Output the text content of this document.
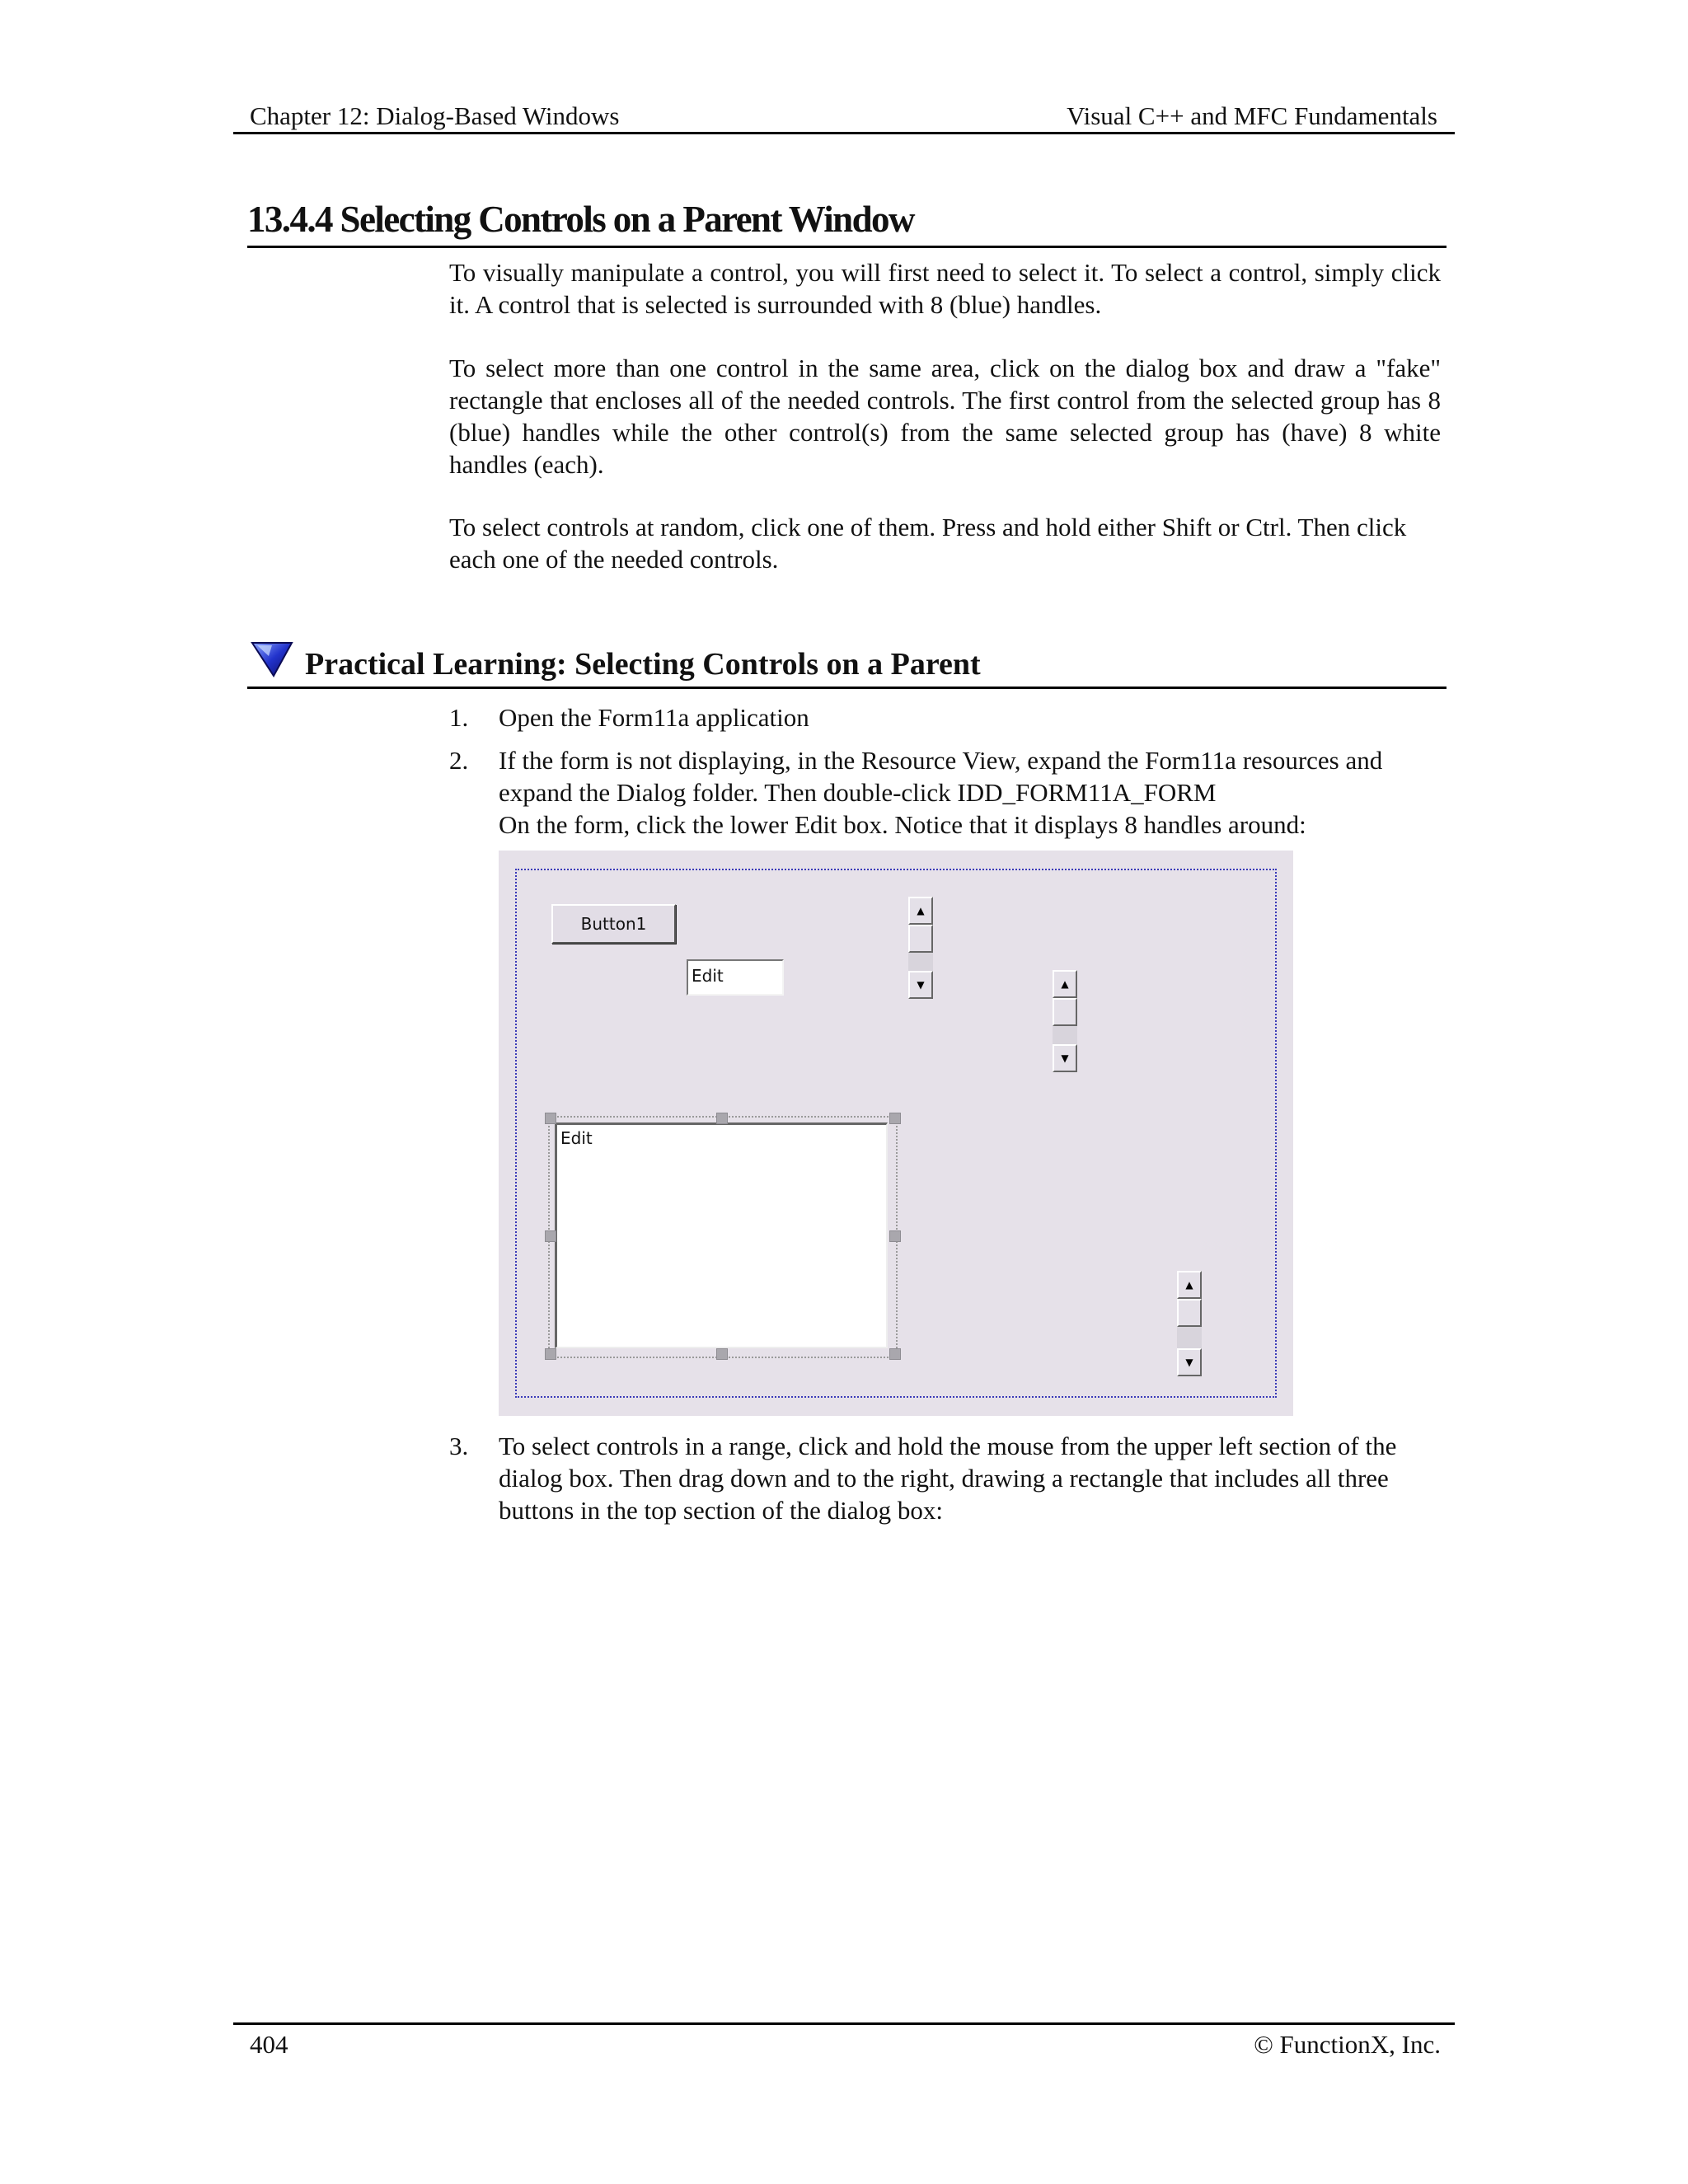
Chapter 12: Dialog-Based Windows	Visual C++ and MFC Fundamentals
13.4.4 Selecting Controls on a Parent Window
To visually manipulate a control, you will first need to select it. To select a control, simply click it. A control that is selected is surrounded with 8 (blue) handles.
To select more than one control in the same area, click on the dialog box and draw a "fake" rectangle that encloses all of the needed controls. The first control from the selected group has 8 (blue) handles while the other control(s) from the same selected group has (have) 8 white handles (each).
To select controls at random, click one of them. Press and hold either Shift or Ctrl. Then click each one of the needed controls.
Practical Learning: Selecting Controls on a Parent
1. Open the Form11a application
2. If the form is not displaying, in the Resource View, expand the Form11a resources and expand the Dialog folder. Then double-click IDD_FORM11A_FORM
On the form, click the lower Edit box. Notice that it displays 8 handles around:
Button1
Edit
▲
▼	▲
▼
▲
▼
Edit
3. To select controls in a range, click and hold the mouse from the upper left section of the dialog box. Then drag down and to the right, drawing a rectangle that includes all three buttons in the top section of the dialog box:
404	© FunctionX, Inc.
